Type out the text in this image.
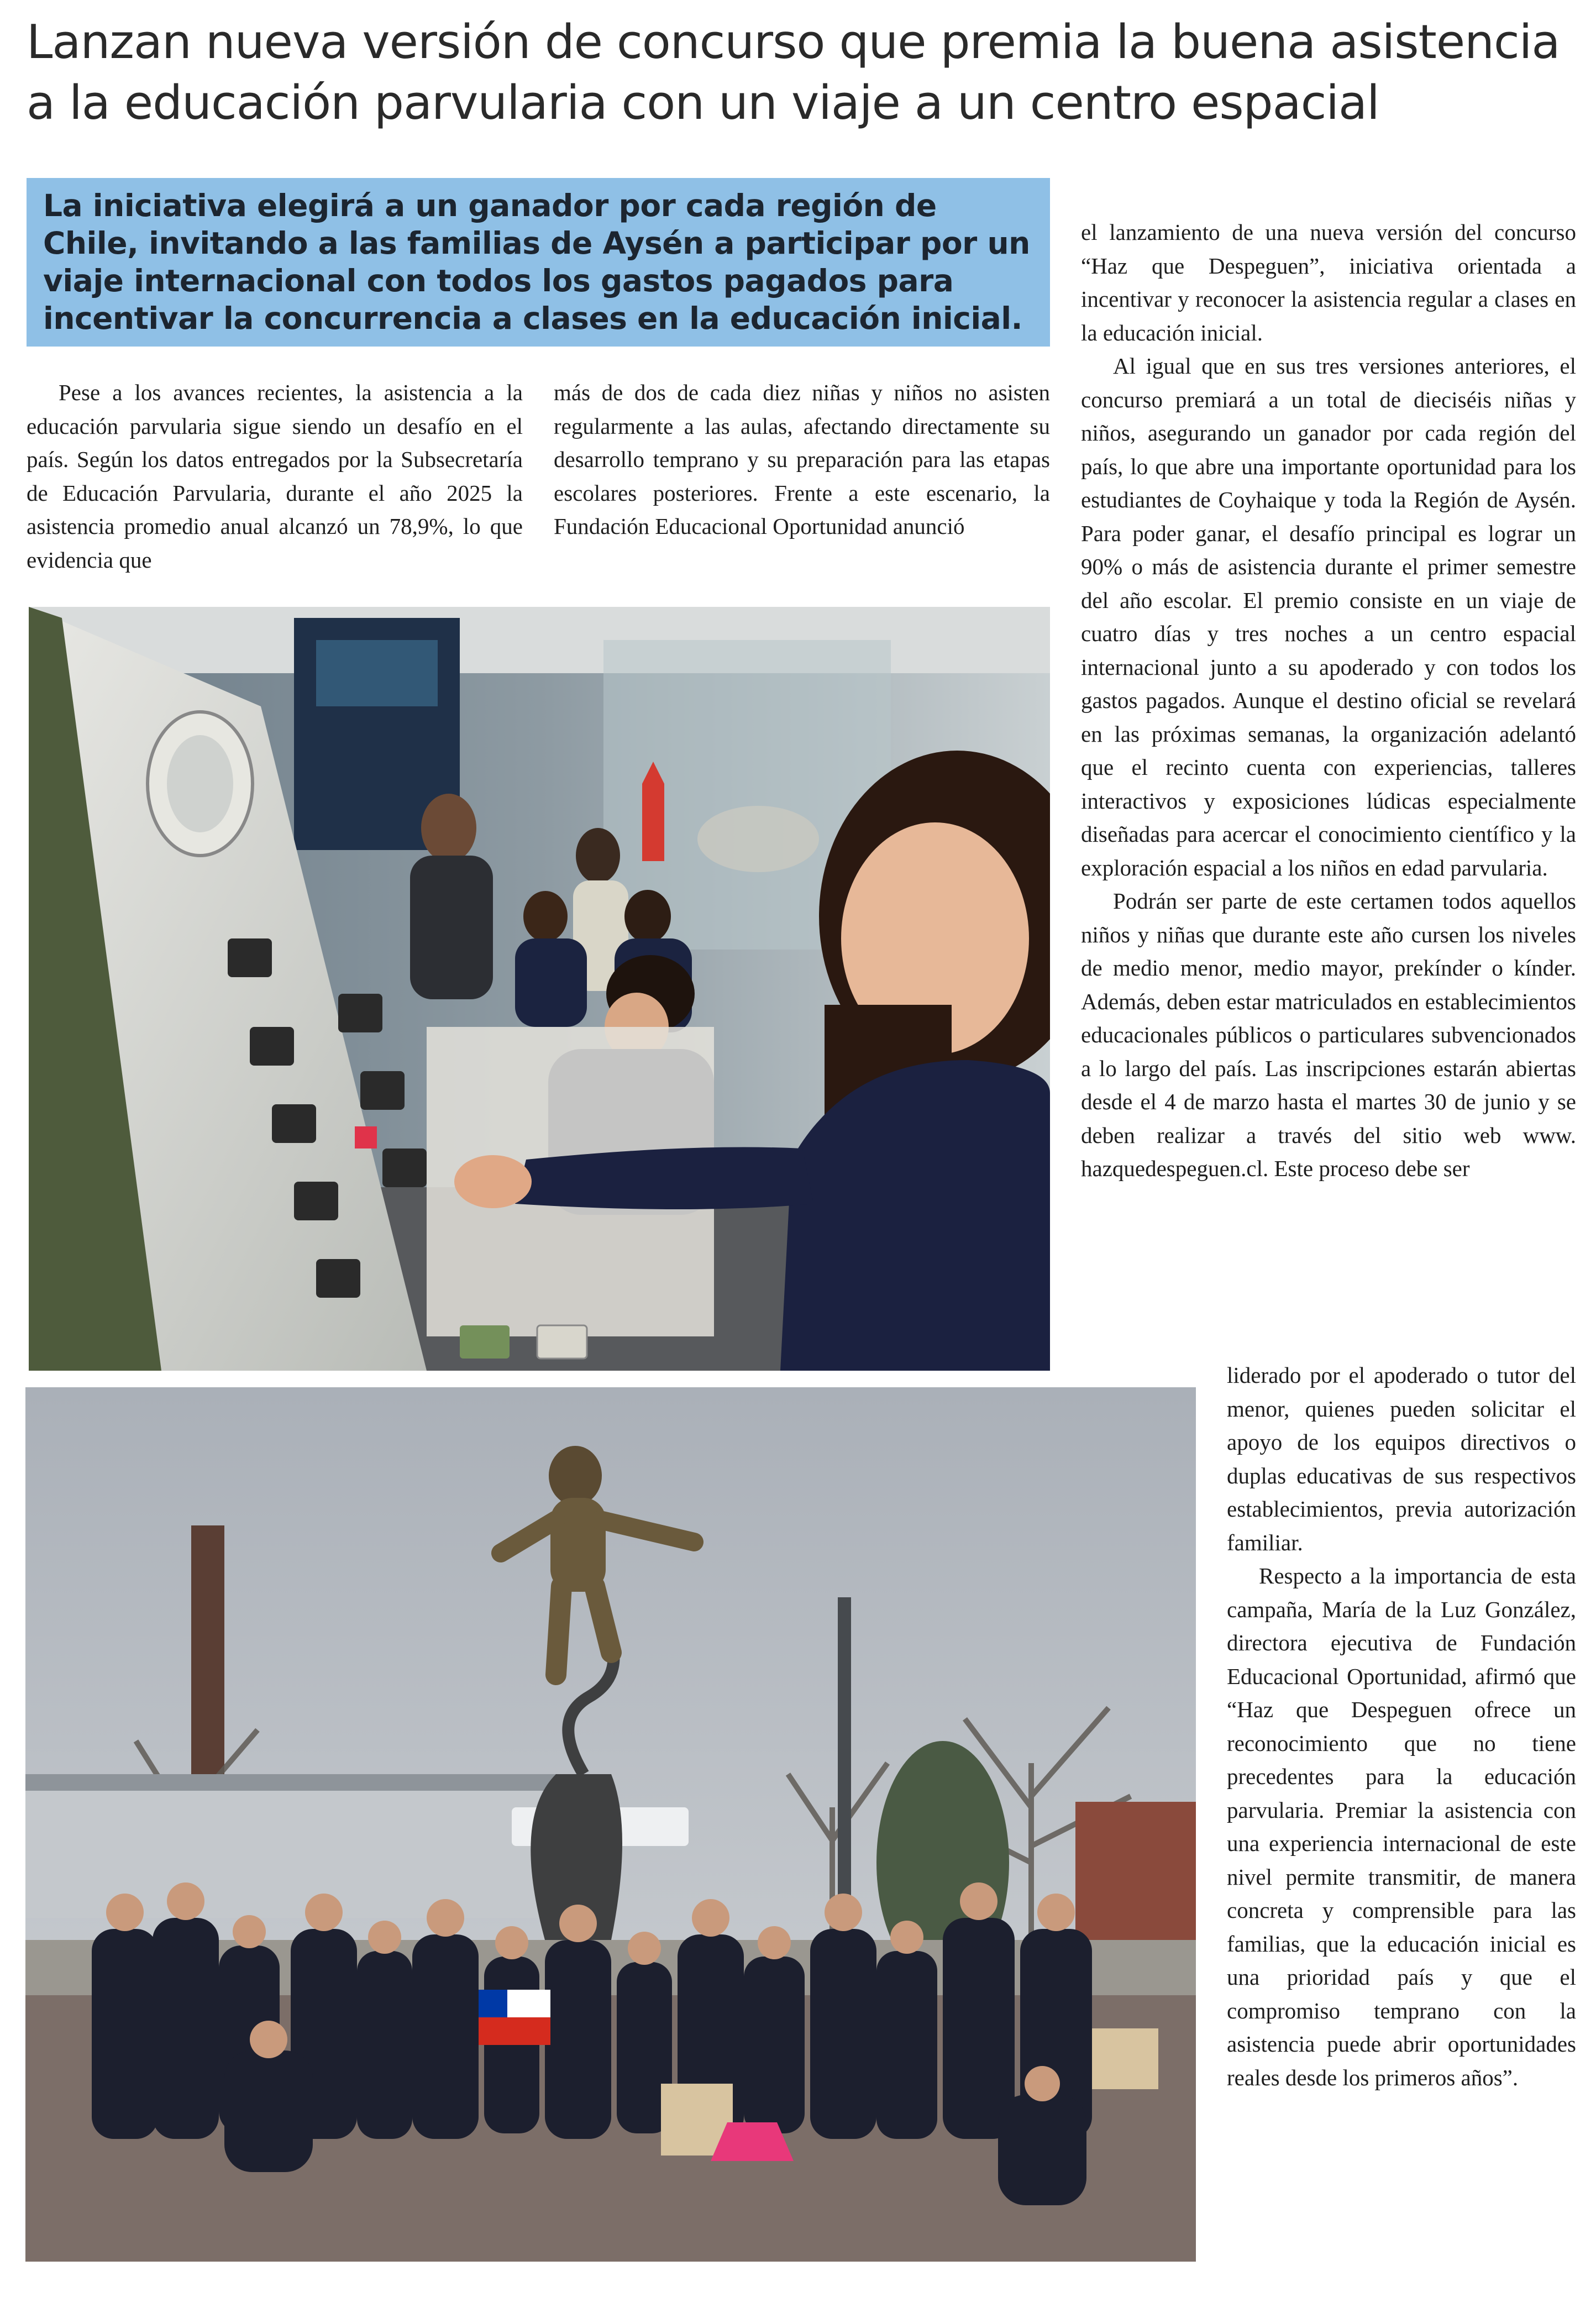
Lanzan nueva versión de concurso que premia la buena asistencia a la educación parvularia con un viaje a un centro espacial

La iniciativa elegirá a un ganador por cada región de Chile, invitando a las familias de Aysén a participar por un viaje internacional con todos los gastos pagados para incentivar la concurrencia a clases en la educación inicial.

Pese a los avances recientes, la asistencia a la educación parvularia sigue siendo un desafío en el país. Según los datos entregados por la Subsecretaría de Educación Parvularia, durante el año 2025 la asistencia promedio anual alcanzó un 78,9%, lo que evidencia que

más de dos de cada diez niñas y niños no asisten regularmente a las aulas, afectando directamente su desarrollo temprano y su preparación para las etapas escolares posteriores. Frente a este escenario, la Fundación Educacional Oportunidad anunció

el lanzamiento de una nueva versión del concurso “Haz que Despeguen”, iniciativa orientada a incentivar y reconocer la asistencia regular a clases en la educación inicial.

Al igual que en sus tres versiones anteriores, el concurso premiará a un total de dieciséis niñas y niños, asegurando un ganador por cada región del país, lo que abre una importante oportunidad para los estudiantes de Coyhaique y toda la Región de Aysén. Para poder ganar, el desafío principal es lograr un 90% o más de asistencia durante el primer semestre del año escolar. El premio consiste en un viaje de cuatro días y tres noches a un centro espacial internacional junto a su apoderado y con todos los gastos pagados. Aunque el destino oficial se revelará en las próximas semanas, la organización adelantó que el recinto cuenta con experiencias, talleres interactivos y exposiciones lúdicas especialmente diseñadas para acercar el conocimiento científico y la exploración espacial a los niños en edad parvularia.

Podrán ser parte de este certamen todos aquellos niños y niñas que durante este año cursen los niveles de medio menor, medio mayor, prekínder o kínder. Además, deben estar matriculados en establecimientos educacionales públicos o particulares subvencionados a lo largo del país. Las inscripciones estarán abiertas desde el 4 de marzo hasta el martes 30 de junio y se deben realizar a través del sitio web www. hazquedespeguen.cl. Este proceso debe ser

liderado por el apoderado o tutor del menor, quienes pueden solicitar el apoyo de los equipos directivos o duplas educativas de sus respectivos establecimientos, previa autorización familiar.

Respecto a la importancia de esta campaña, María de la Luz González, directora ejecutiva de Fundación Educacional Oportunidad, afirmó que “Haz que Despeguen ofrece un reconocimiento que no tiene precedentes para la educación parvularia. Premiar la asistencia con una experiencia internacional de este nivel permite transmitir, de manera concreta y comprensible para las familias, que la educación inicial es una prioridad país y que el compromiso temprano con la asistencia puede abrir oportunidades reales desde los primeros años”.
